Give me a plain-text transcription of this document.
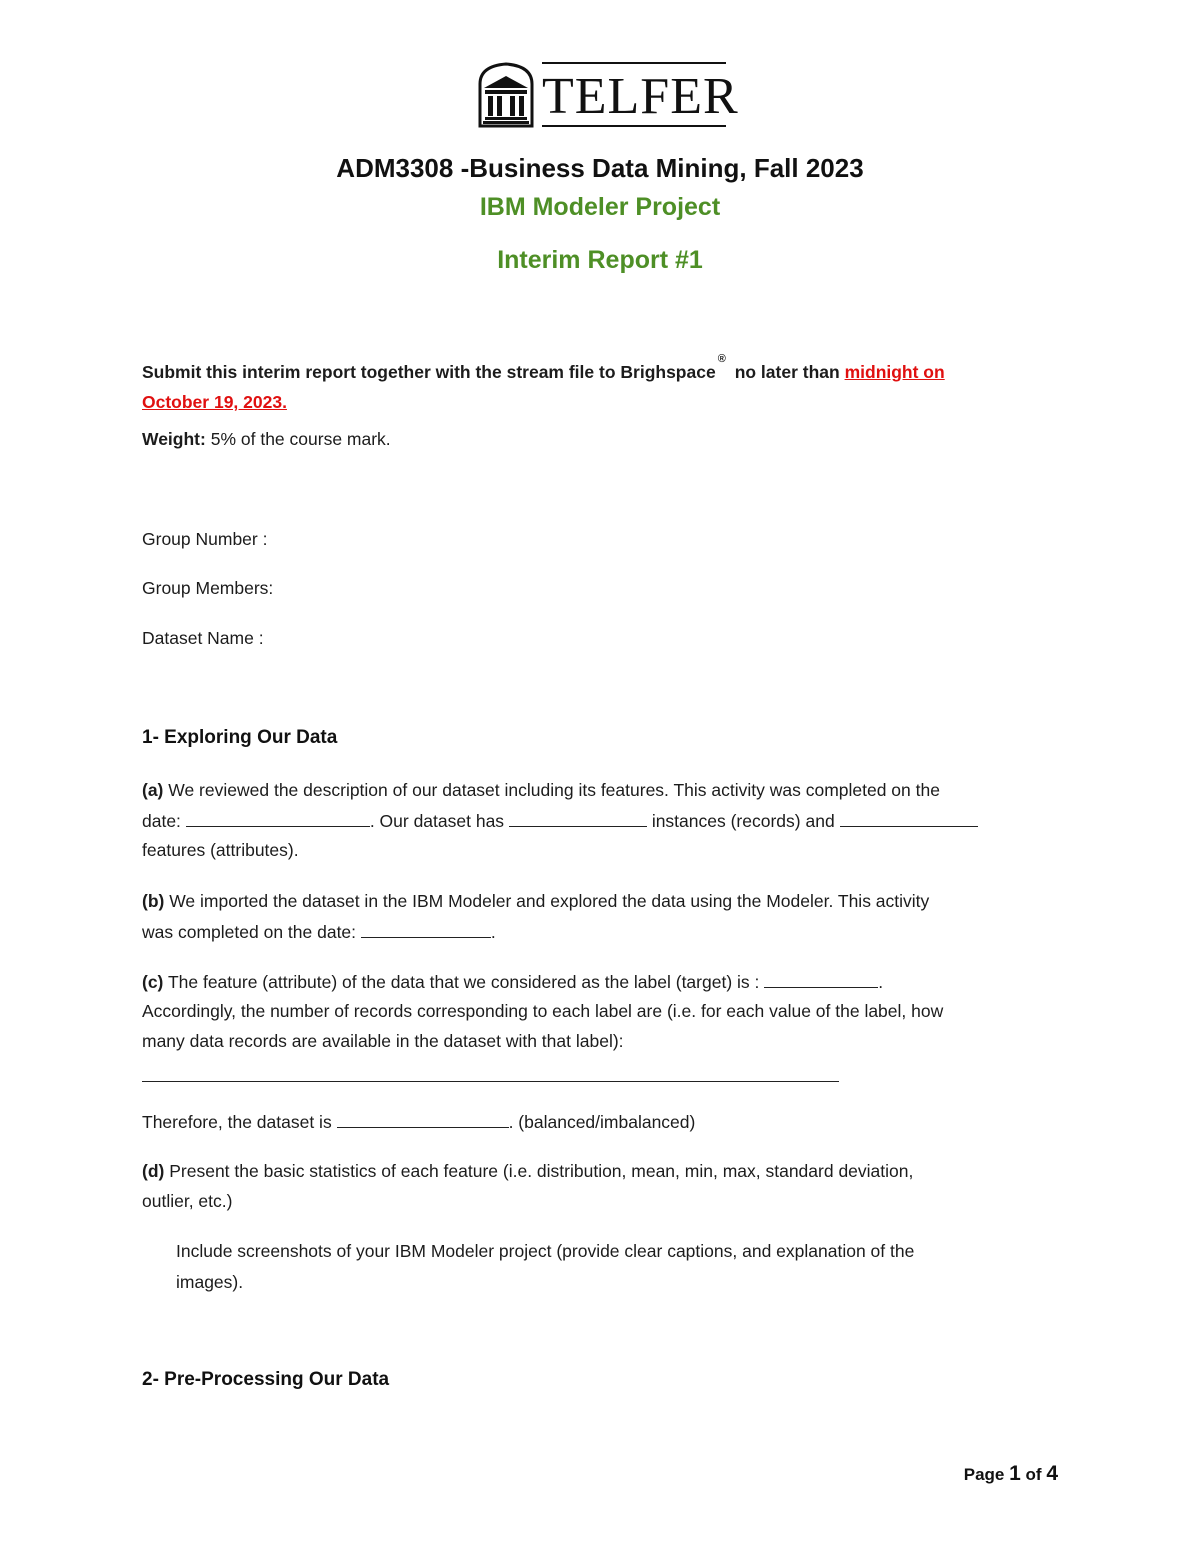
TELFER
ADM3308 -Business Data Mining, Fall 2023
IBM Modeler Project
Interim Report #1
Submit this interim report together with the stream file to Brighspace® no later than midnight on
October 19, 2023.
Weight: 5% of the course mark.
Group Number :
Group Members:
Dataset Name :
1- Exploring Our Data
(a) We reviewed the description of our dataset including its features. This activity was completed on the
date:	. Our dataset has	instances (records) and
features (attributes).
(b) We imported the dataset in the IBM Modeler and explored the data using the Modeler. This activity
was completed on the date:	.
(c) The feature (attribute) of the data that we considered as the label (target) is :	.
Accordingly, the number of records corresponding to each label are (i.e. for each value of the label, how
many data records are available in the dataset with that label):
Therefore, the dataset is	. (balanced/imbalanced)
(d) Present the basic statistics of each feature (i.e. distribution, mean, min, max, standard deviation,
outlier, etc.)
Include screenshots of your IBM Modeler project (provide clear captions, and explanation of the
images).
2- Pre-Processing Our Data
Page 1 of 4
